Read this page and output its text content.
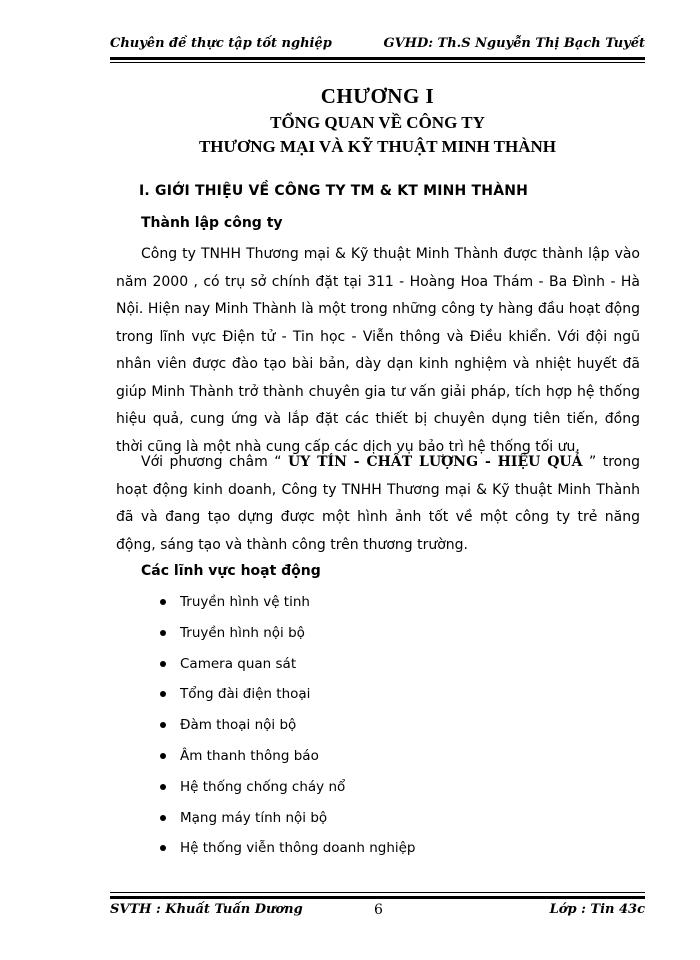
Chuyên đề thực tập tốt nghiệp	GVHD: Th.S Nguyễn Thị Bạch Tuyết
CHƯƠNG I
TỔNG QUAN VỀ CÔNG TY
THƯƠNG MẠI VÀ KỸ THUẬT MINH THÀNH
I. GIỚI THIỆU VỀ CÔNG TY TM & KT MINH THÀNH
Thành lập công ty
Công ty TNHH Thương mại & Kỹ thuật Minh Thành được thành lập vào năm 2000 , có trụ sở chính đặt tại 311 - Hoàng Hoa Thám - Ba Đình - Hà Nội. Hiện nay Minh Thành là một trong những công ty hàng đầu hoạt động trong lĩnh vực Điện tử - Tin học - Viễn thông và Điều khiển. Với đội ngũ nhân viên được đào tạo bài bản, dày dạn kinh nghiệm và nhiệt huyết đã giúp Minh Thành trở thành chuyên gia tư vấn giải pháp, tích hợp hệ thống hiệu quả, cung ứng và lắp đặt các thiết bị chuyên dụng tiên tiến, đồng thời cũng là một nhà cung cấp các dịch vụ bảo trì hệ thống tối ưu.
Với phương châm “ UY TÍN - CHẤT LƯỢNG - HIỆU QUẢ ” trong hoạt động kinh doanh, Công ty TNHH Thương mại & Kỹ thuật Minh Thành đã và đang tạo dựng được một hình ảnh tốt về một công ty trẻ năng động, sáng tạo và thành công trên thương trường.
Các lĩnh vực hoạt động
Truyền hình vệ tinh
Truyền hình nội bộ
Camera quan sát
Tổng đài điện thoại
Đàm thoại nội bộ
Âm thanh thông báo
Hệ thống chống cháy nổ
Mạng máy tính nội bộ
Hệ thống viễn thông doanh nghiệp
SVTH : Khuất Tuấn Dương	6	Lớp : Tin 43c
